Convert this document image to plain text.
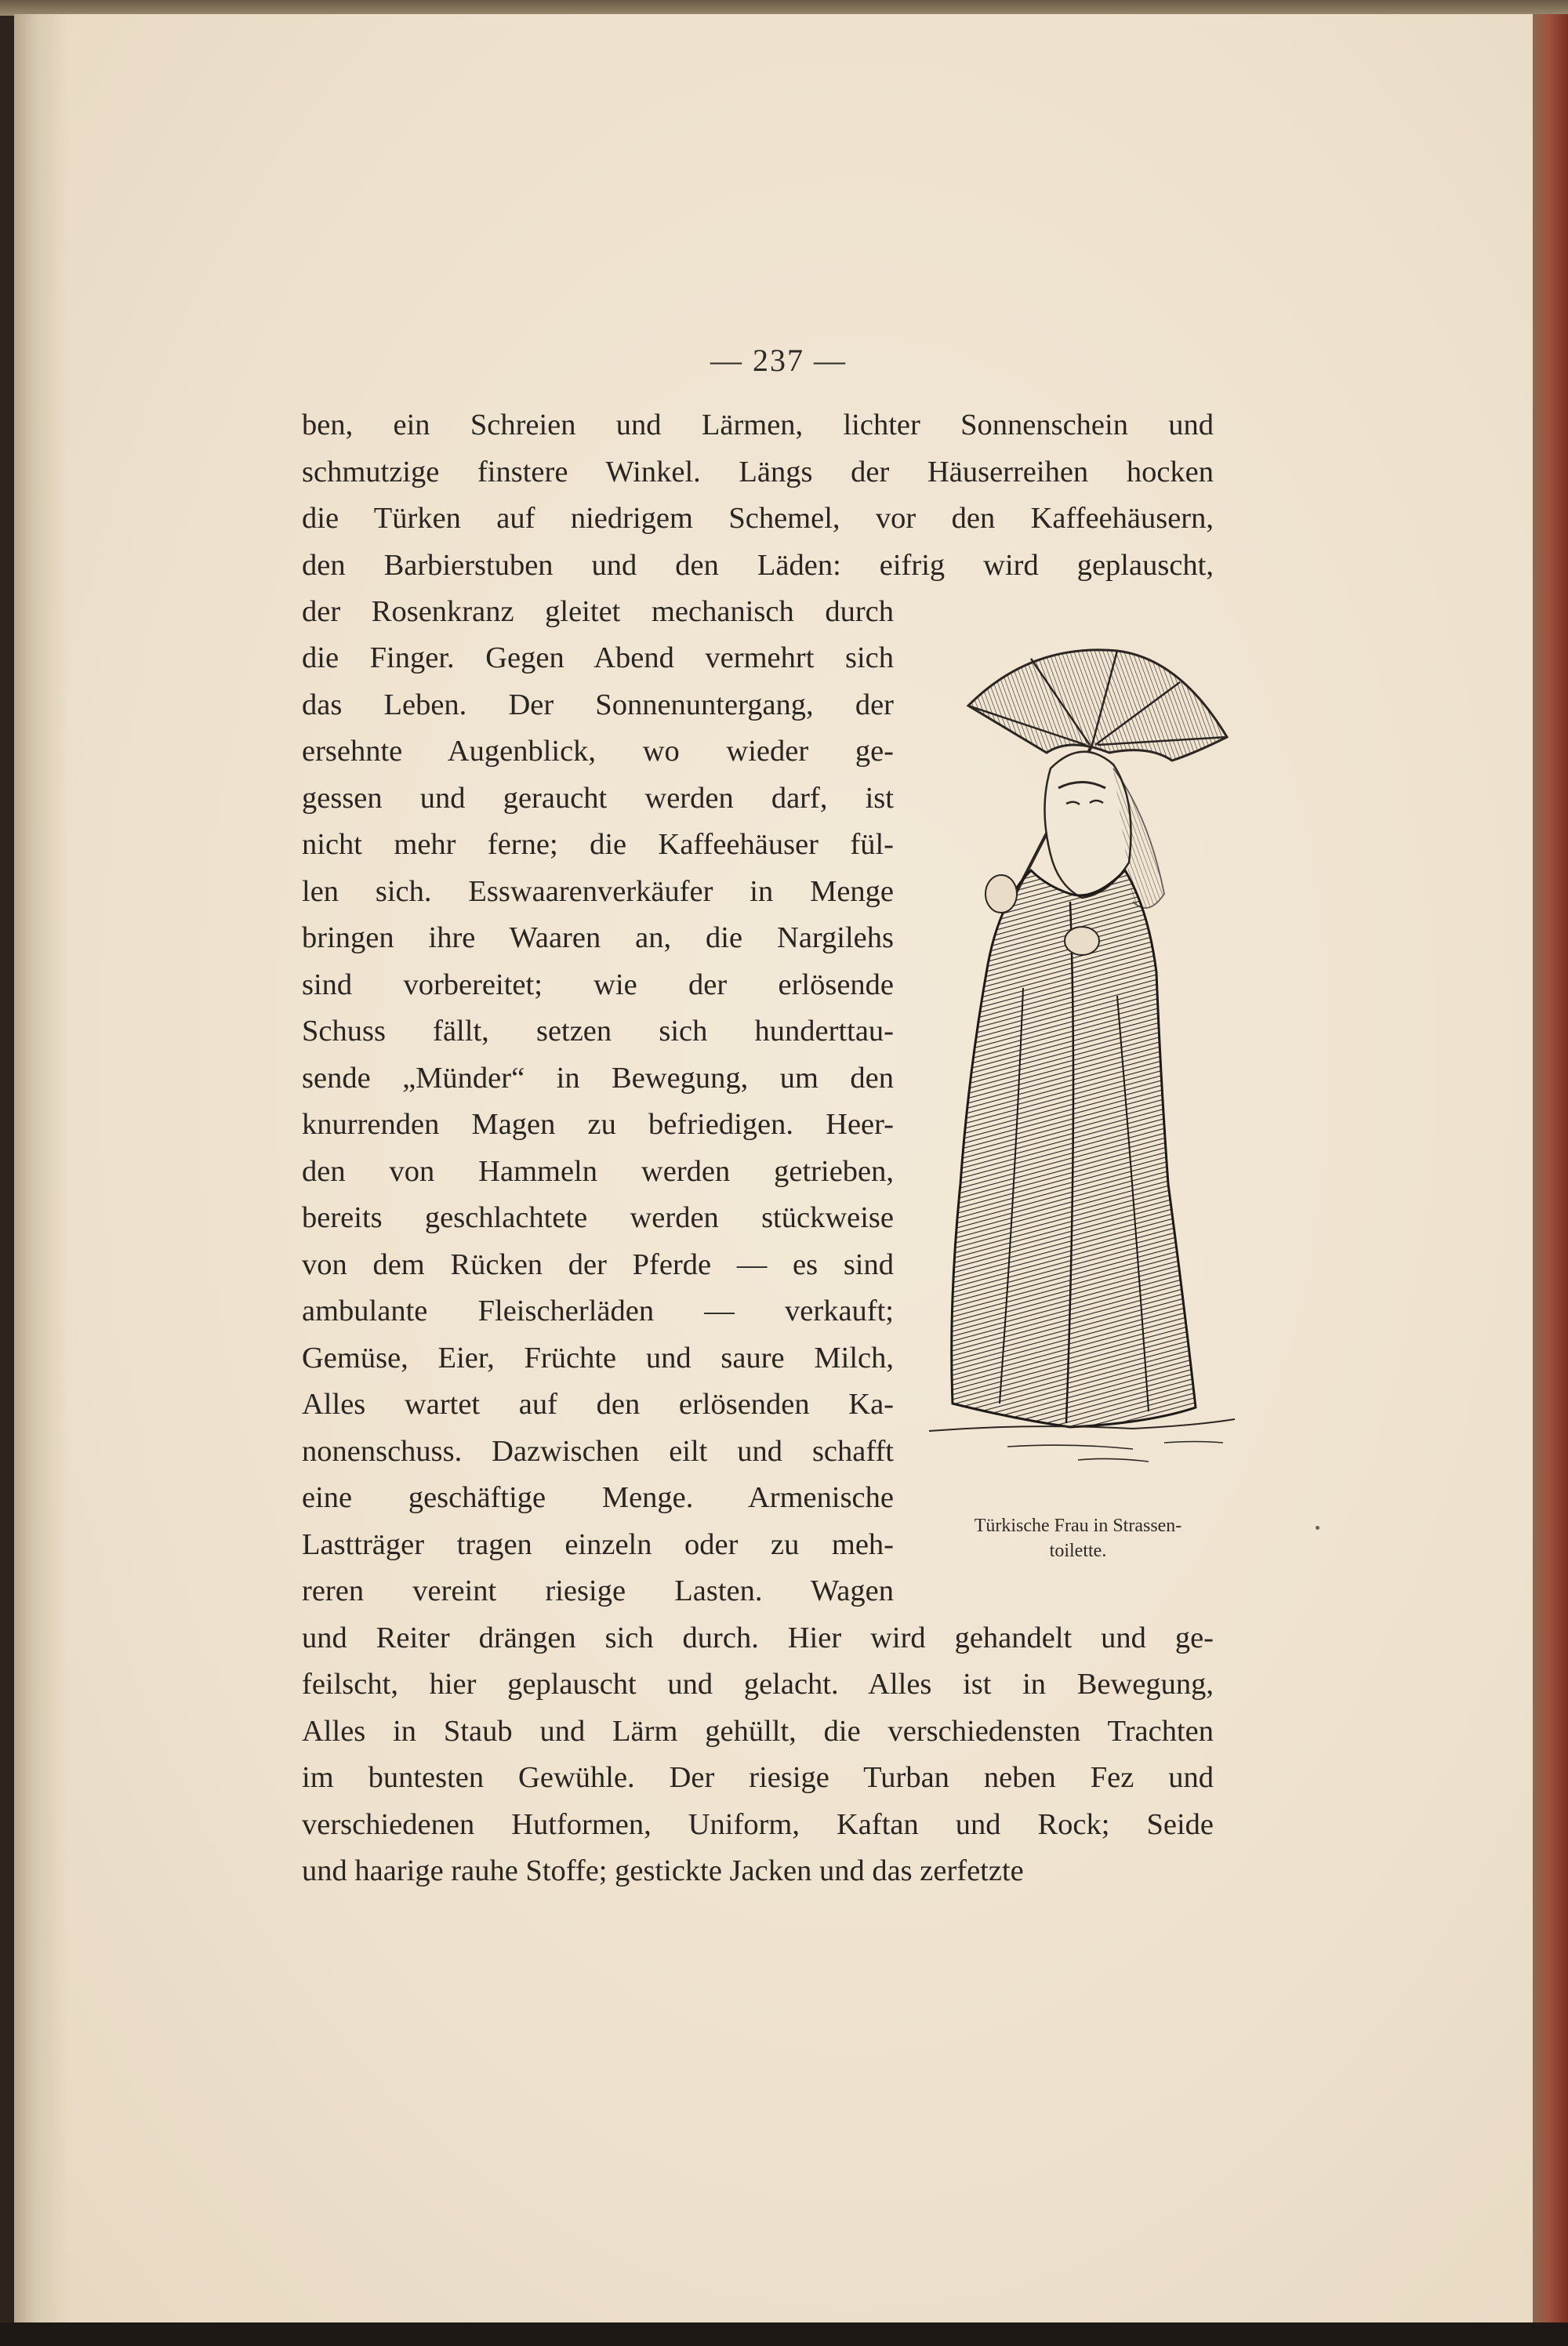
— 237 —

ben, ein Schreien und Lärmen, lichter Sonnenschein und

schmutzige finstere Winkel. Längs der Häuserreihen hocken

die Türken auf niedrigem Schemel, vor den Kaffeehäusern,

den Barbierstuben und den Läden: eifrig wird geplauscht,

der Rosenkranz gleitet mechanisch durch

die Finger. Gegen Abend vermehrt sich

das Leben. Der Sonnenuntergang, der

ersehnte Augenblick, wo wieder ge-

gessen und geraucht werden darf, ist

nicht mehr ferne; die Kaffeehäuser fül-

len sich. Esswaarenverkäufer in Menge

bringen ihre Waaren an, die Nargilehs

sind vorbereitet; wie der erlösende

Schuss fällt, setzen sich hunderttau-

sende „Münder“ in Bewegung, um den

knurrenden Magen zu befriedigen. Heer-

den von Hammeln werden getrieben,

bereits geschlachtete werden stückweise

von dem Rücken der Pferde — es sind

ambulante Fleischerläden — verkauft;

Gemüse, Eier, Früchte und saure Milch,

Alles wartet auf den erlösenden Ka-

nonenschuss. Dazwischen eilt und schafft

eine geschäftige Menge. Armenische

Lastträger tragen einzeln oder zu meh-

reren vereint riesige Lasten. Wagen

und Reiter drängen sich durch. Hier wird gehandelt und ge-

feilscht, hier geplauscht und gelacht. Alles ist in Bewegung,

Alles in Staub und Lärm gehüllt, die verschiedensten Trachten

im buntesten Gewühle. Der riesige Turban neben Fez und

verschiedenen Hutformen, Uniform, Kaftan und Rock; Seide

und haarige rauhe Stoffe; gestickte Jacken und das zerfetzte

Türkische Frau in Strassen-
toilette.
